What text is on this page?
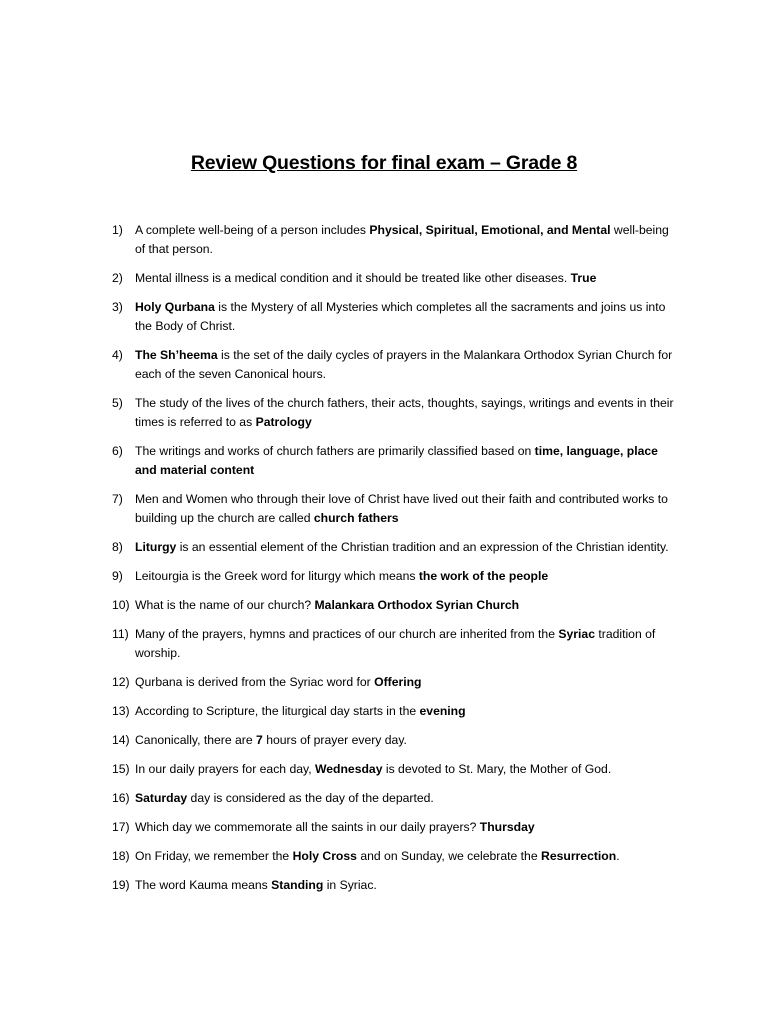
Review Questions for final exam – Grade 8
1) A complete well-being of a person includes Physical, Spiritual, Emotional, and Mental well-being of that person.
2) Mental illness is a medical condition and it should be treated like other diseases. True
3) Holy Qurbana is the Mystery of all Mysteries which completes all the sacraments and joins us into the Body of Christ.
4) The Sh’heema is the set of the daily cycles of prayers in the Malankara Orthodox Syrian Church for each of the seven Canonical hours.
5) The study of the lives of the church fathers, their acts, thoughts, sayings, writings and events in their times is referred to as Patrology
6) The writings and works of church fathers are primarily classified based on time, language, place and material content
7) Men and Women who through their love of Christ have lived out their faith and contributed works to building up the church are called church fathers
8) Liturgy is an essential element of the Christian tradition and an expression of the Christian identity.
9) Leitourgia is the Greek word for liturgy which means the work of the people
10) What is the name of our church? Malankara Orthodox Syrian Church
11) Many of the prayers, hymns and practices of our church are inherited from the Syriac tradition of worship.
12) Qurbana is derived from the Syriac word for Offering
13) According to Scripture, the liturgical day starts in the evening
14) Canonically, there are 7 hours of prayer every day.
15) In our daily prayers for each day, Wednesday is devoted to St. Mary, the Mother of God.
16) Saturday day is considered as the day of the departed.
17) Which day we commemorate all the saints in our daily prayers? Thursday
18) On Friday, we remember the Holy Cross and on Sunday, we celebrate the Resurrection.
19) The word Kauma means Standing in Syriac.
